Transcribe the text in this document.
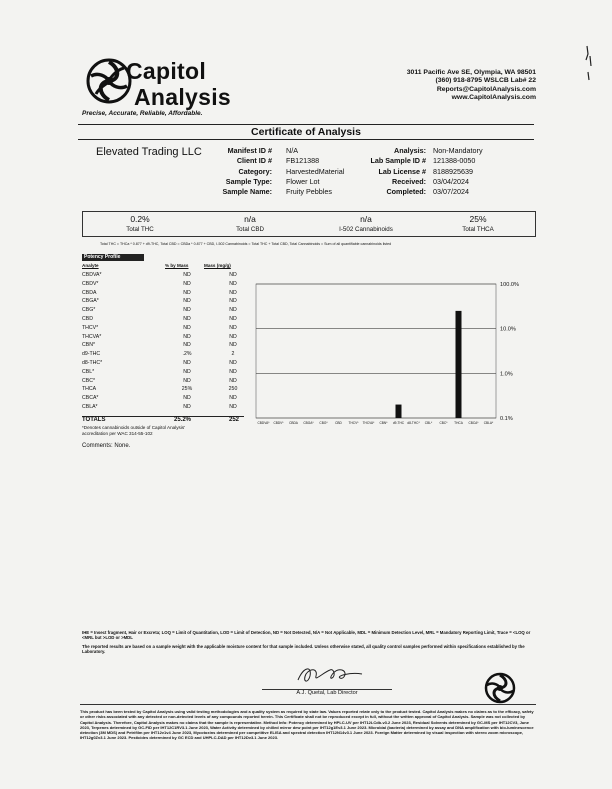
Capitol
Analysis
Precise, Accurate, Reliable, Affordable.
3011 Pacific Ave SE, Olympia, WA 98501
(360) 918-8795 WSLCB Lab# 22
Reports@CapitolAnalysis.com
www.CapitolAnalysis.com
Certificate of Analysis
Elevated Trading LLC	Manifest ID # N/A
Client ID # FB121388
Category: HarvestedMaterial
Sample Type: Flower Lot
Sample Name: Fruity Pebbles
Analysis: Non-Mandatory
Lab Sample ID # 121388-0050
Lab License # 8188925639
Received: 03/04/2024
Completed: 03/07/2024
0.2%
Total THC
n/a
Total CBD
n/a
I-502 Cannabinoids
25%
Total THCA
Total THC = THCa * 0.877 + d9-THC, Total CBD = CBDa * 0.877 + CBD, I-502 Cannabinoids = Total THC + Total CBD, Total Cannabinoids = Sum of all quantifiable cannabinoids listed
Potency Profile
Analyte	% by Mass	Mass (mg/g)
CBDVA*	ND	ND
CBDV*	ND	ND
CBDA	ND	ND
CBGA*	ND	ND
CBG*	ND	ND
CBD	ND	ND
THCV*	ND	ND
THCVA*	ND	ND
CBN*	ND	ND
d9-THC	.2%	2
d8-THC*	ND	ND
CBL*	ND	ND
CBC*	ND	ND
THCA	25%	250
CBCA*	ND	ND
CBLA*	ND	ND
TOTALS	25.2%	252
*Denotes cannabinoids outside of Capitol Analysis'
accreditation per WAC 314-55-102
100.0%
10.0%
1.0%
0.1%
CBDVA* CBDV* CBDA CBGA* CBG* CBD THCV* THCVA* CBN* d9-THC d8-THC* CBL* CBC* THCA CBCA* CBLA*
Comments: None.
IHE = Insect fragment, Hair or Excreta; LOQ = Limit of Quantitation, LOD = Limit of Detection, ND = Not Detected, N/A = Not Applicable, MDL = Minimum Detection Level, MRL = Mandatory Reporting Limit, Trace = <LOQ or <MRL but >LOD or >MDL
The reported results are based on a sample weight with the applicable moisture content for that sample included. Unless otherwise stated, all quality control samples performed within specifications established by the Laboratory.
A.J. Quetal, Lab Director
This product has been tested by Capitol Analysis using valid testing methodologies and a quality system as required by state law. Values reported relate only to the product tested. Capitol Analysis makes no claims as to the efficacy, safety or other risks associated with any detected or non-detected levels of any compounds reported herein. This Certificate shall not be reproduced except in full, without the written approval of Capitol Analysis. Sample was not collected by Capitol Analysis. Therefore, Capitol Analysis makes no claims that the sample is representative. Method Info: Potency determined by HPLC-UV per IHT12LCdb-v3.2 June 2023, Residual Solvents determined by GC-MS per IHT12CV3, June 2023, Terpenes determined by GC-FID per IHT12C1RV3.1 June 2023, Water Activity determined by chilled mirror dew point per IHT12g1Ev3.1 June 2023. Microbial (bacteria) determined by assay and DNA amplification with bio-luminescence detection (3M MDS) and Petrifilm per IHT12v1v4 June 2023, Mycotoxins determined per competitive ELISA and spectral detection IHT12N14v3.1 June 2023. Foreign Matter determined by visual inspection with stereo zoom microscope, IHT12g0Zv3.1 June 2023. Pesticides determined by GC ECD and UHPLC-DAD per IHT12Dv3.1 June 2023.
